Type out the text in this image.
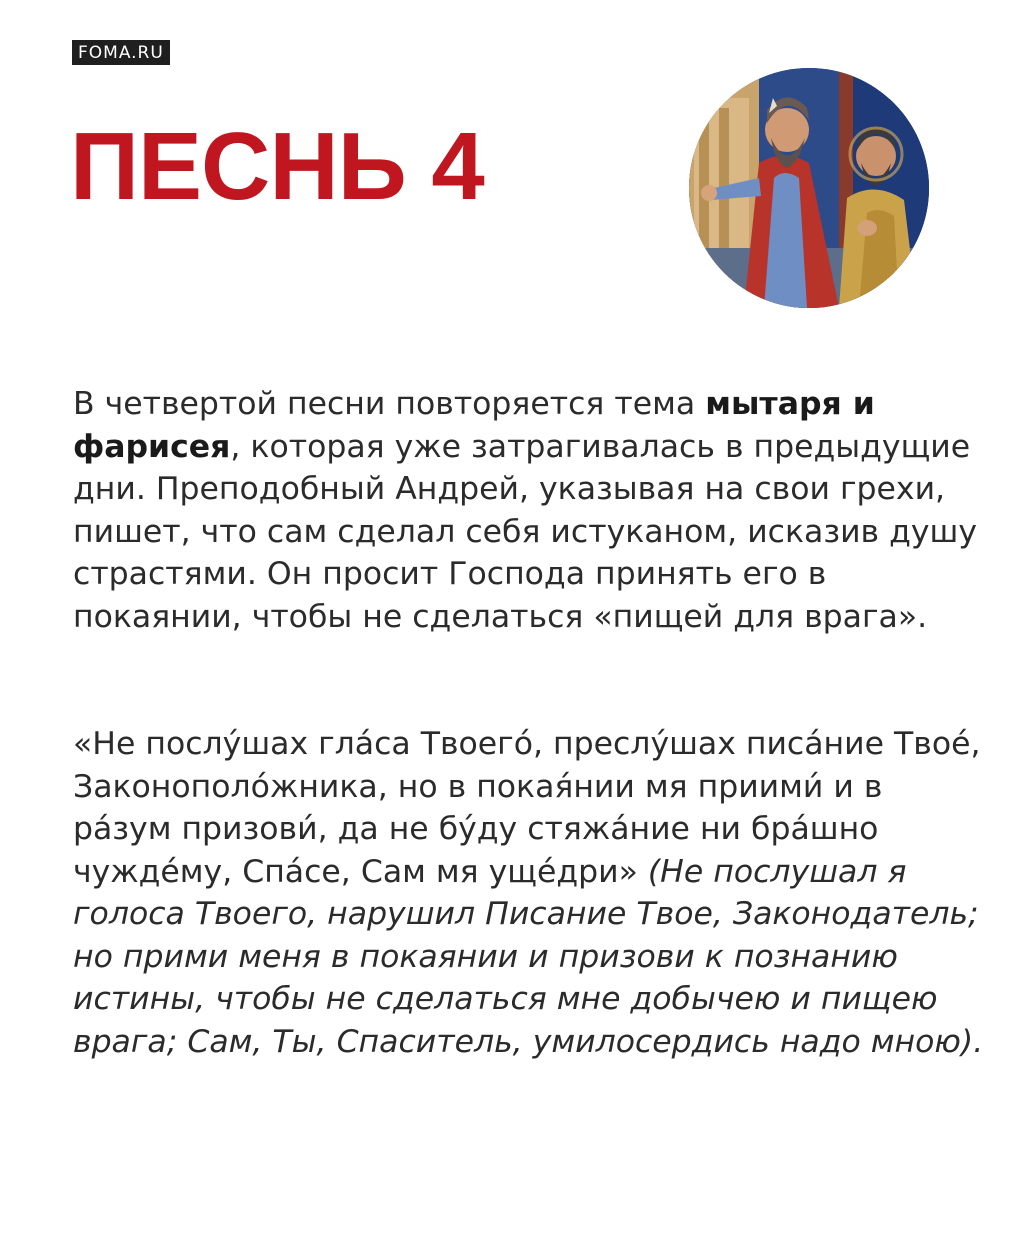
FOMA.RU
ПЕСНЬ 4

В четвертой песни повторяется тема мытаря и фарисея, которая уже затрагивалась в предыдущие дни. Преподобный Андрей, указывая на свои грехи, пишет, что сам сделал себя истуканом, исказив душу страстями. Он просит Господа принять его в покаянии, чтобы не сделаться «пищей для врага».

«Не послу́шах гла́са Твоего́, преслу́шах писа́ние Твое́, Законополо́жника, но в покая́нии мя приими́ и в ра́зум призови́, да не бу́ду стяжа́ние ни бра́шно чужде́му, Спа́се, Сам мя уще́дри» (Не послушал я голоса Твоего, нарушил Писание Твое, Законодатель; но прими меня в покаянии и призови к познанию истины, чтобы не сделаться мне добычею и пищею врага; Сам, Ты, Спаситель, умилосердись надо мною).
